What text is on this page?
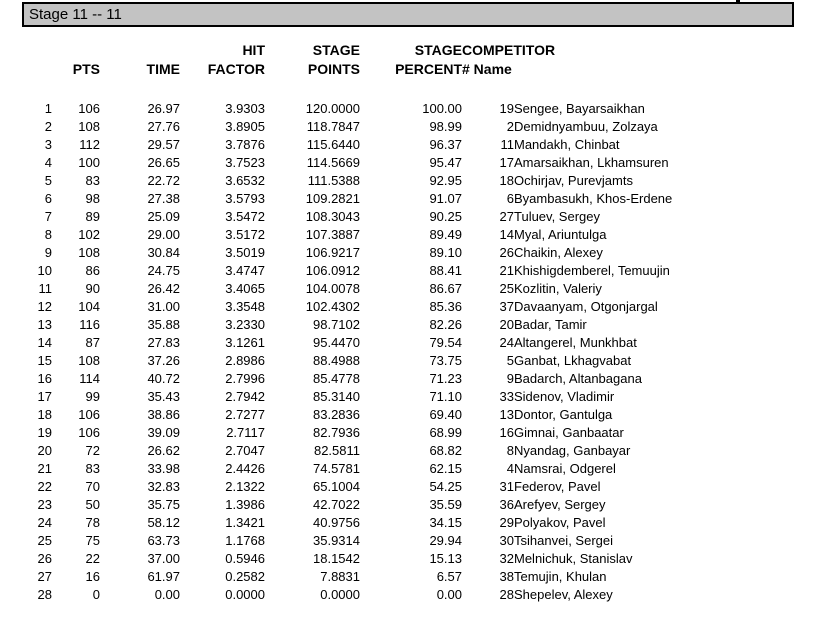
Stage 11 -- 11
			HIT	STAGE	STAGE	COMPETITOR	
	PTS	TIME	FACTOR	POINTS	PERCENT	# Name	

1	106	26.97	3.9303	120.0000	100.00	19	Sengee, Bayarsaikhan
2	108	27.76	3.8905	118.7847	98.99	2	Demidnyambuu, Zolzaya
3	112	29.57	3.7876	115.6440	96.37	11	Mandakh, Chinbat
4	100	26.65	3.7523	114.5669	95.47	17	Amarsaikhan, Lkhamsuren
5	83	22.72	3.6532	111.5388	92.95	18	Ochirjav, Purevjamts
6	98	27.38	3.5793	109.2821	91.07	6	Byambasukh, Khos-Erdene
7	89	25.09	3.5472	108.3043	90.25	27	Tuluev, Sergey
8	102	29.00	3.5172	107.3887	89.49	14	Myal, Ariuntulga
9	108	30.84	3.5019	106.9217	89.10	26	Chaikin, Alexey
10	86	24.75	3.4747	106.0912	88.41	21	Khishigdemberel, Temuujin
11	90	26.42	3.4065	104.0078	86.67	25	Kozlitin, Valeriy
12	104	31.00	3.3548	102.4302	85.36	37	Davaanyam, Otgonjargal
13	116	35.88	3.2330	98.7102	82.26	20	Badar, Tamir
14	87	27.83	3.1261	95.4470	79.54	24	Altangerel, Munkhbat
15	108	37.26	2.8986	88.4988	73.75	5	Ganbat, Lkhagvabat
16	114	40.72	2.7996	85.4778	71.23	9	Badarch, Altanbagana
17	99	35.43	2.7942	85.3140	71.10	33	Sidenov, Vladimir
18	106	38.86	2.7277	83.2836	69.40	13	Dontor, Gantulga
19	106	39.09	2.7117	82.7936	68.99	16	Gimnai, Ganbaatar
20	72	26.62	2.7047	82.5811	68.82	8	Nyandag, Ganbayar
21	83	33.98	2.4426	74.5781	62.15	4	Namsrai, Odgerel
22	70	32.83	2.1322	65.1004	54.25	31	Federov, Pavel
23	50	35.75	1.3986	42.7022	35.59	36	Arefyev, Sergey
24	78	58.12	1.3421	40.9756	34.15	29	Polyakov, Pavel
25	75	63.73	1.1768	35.9314	29.94	30	Tsihanvei, Sergei
26	22	37.00	0.5946	18.1542	15.13	32	Melnichuk, Stanislav
27	16	61.97	0.2582	7.8831	6.57	38	Temujin, Khulan
28	0	0.00	0.0000	0.0000	0.00	28	Shepelev, Alexey
